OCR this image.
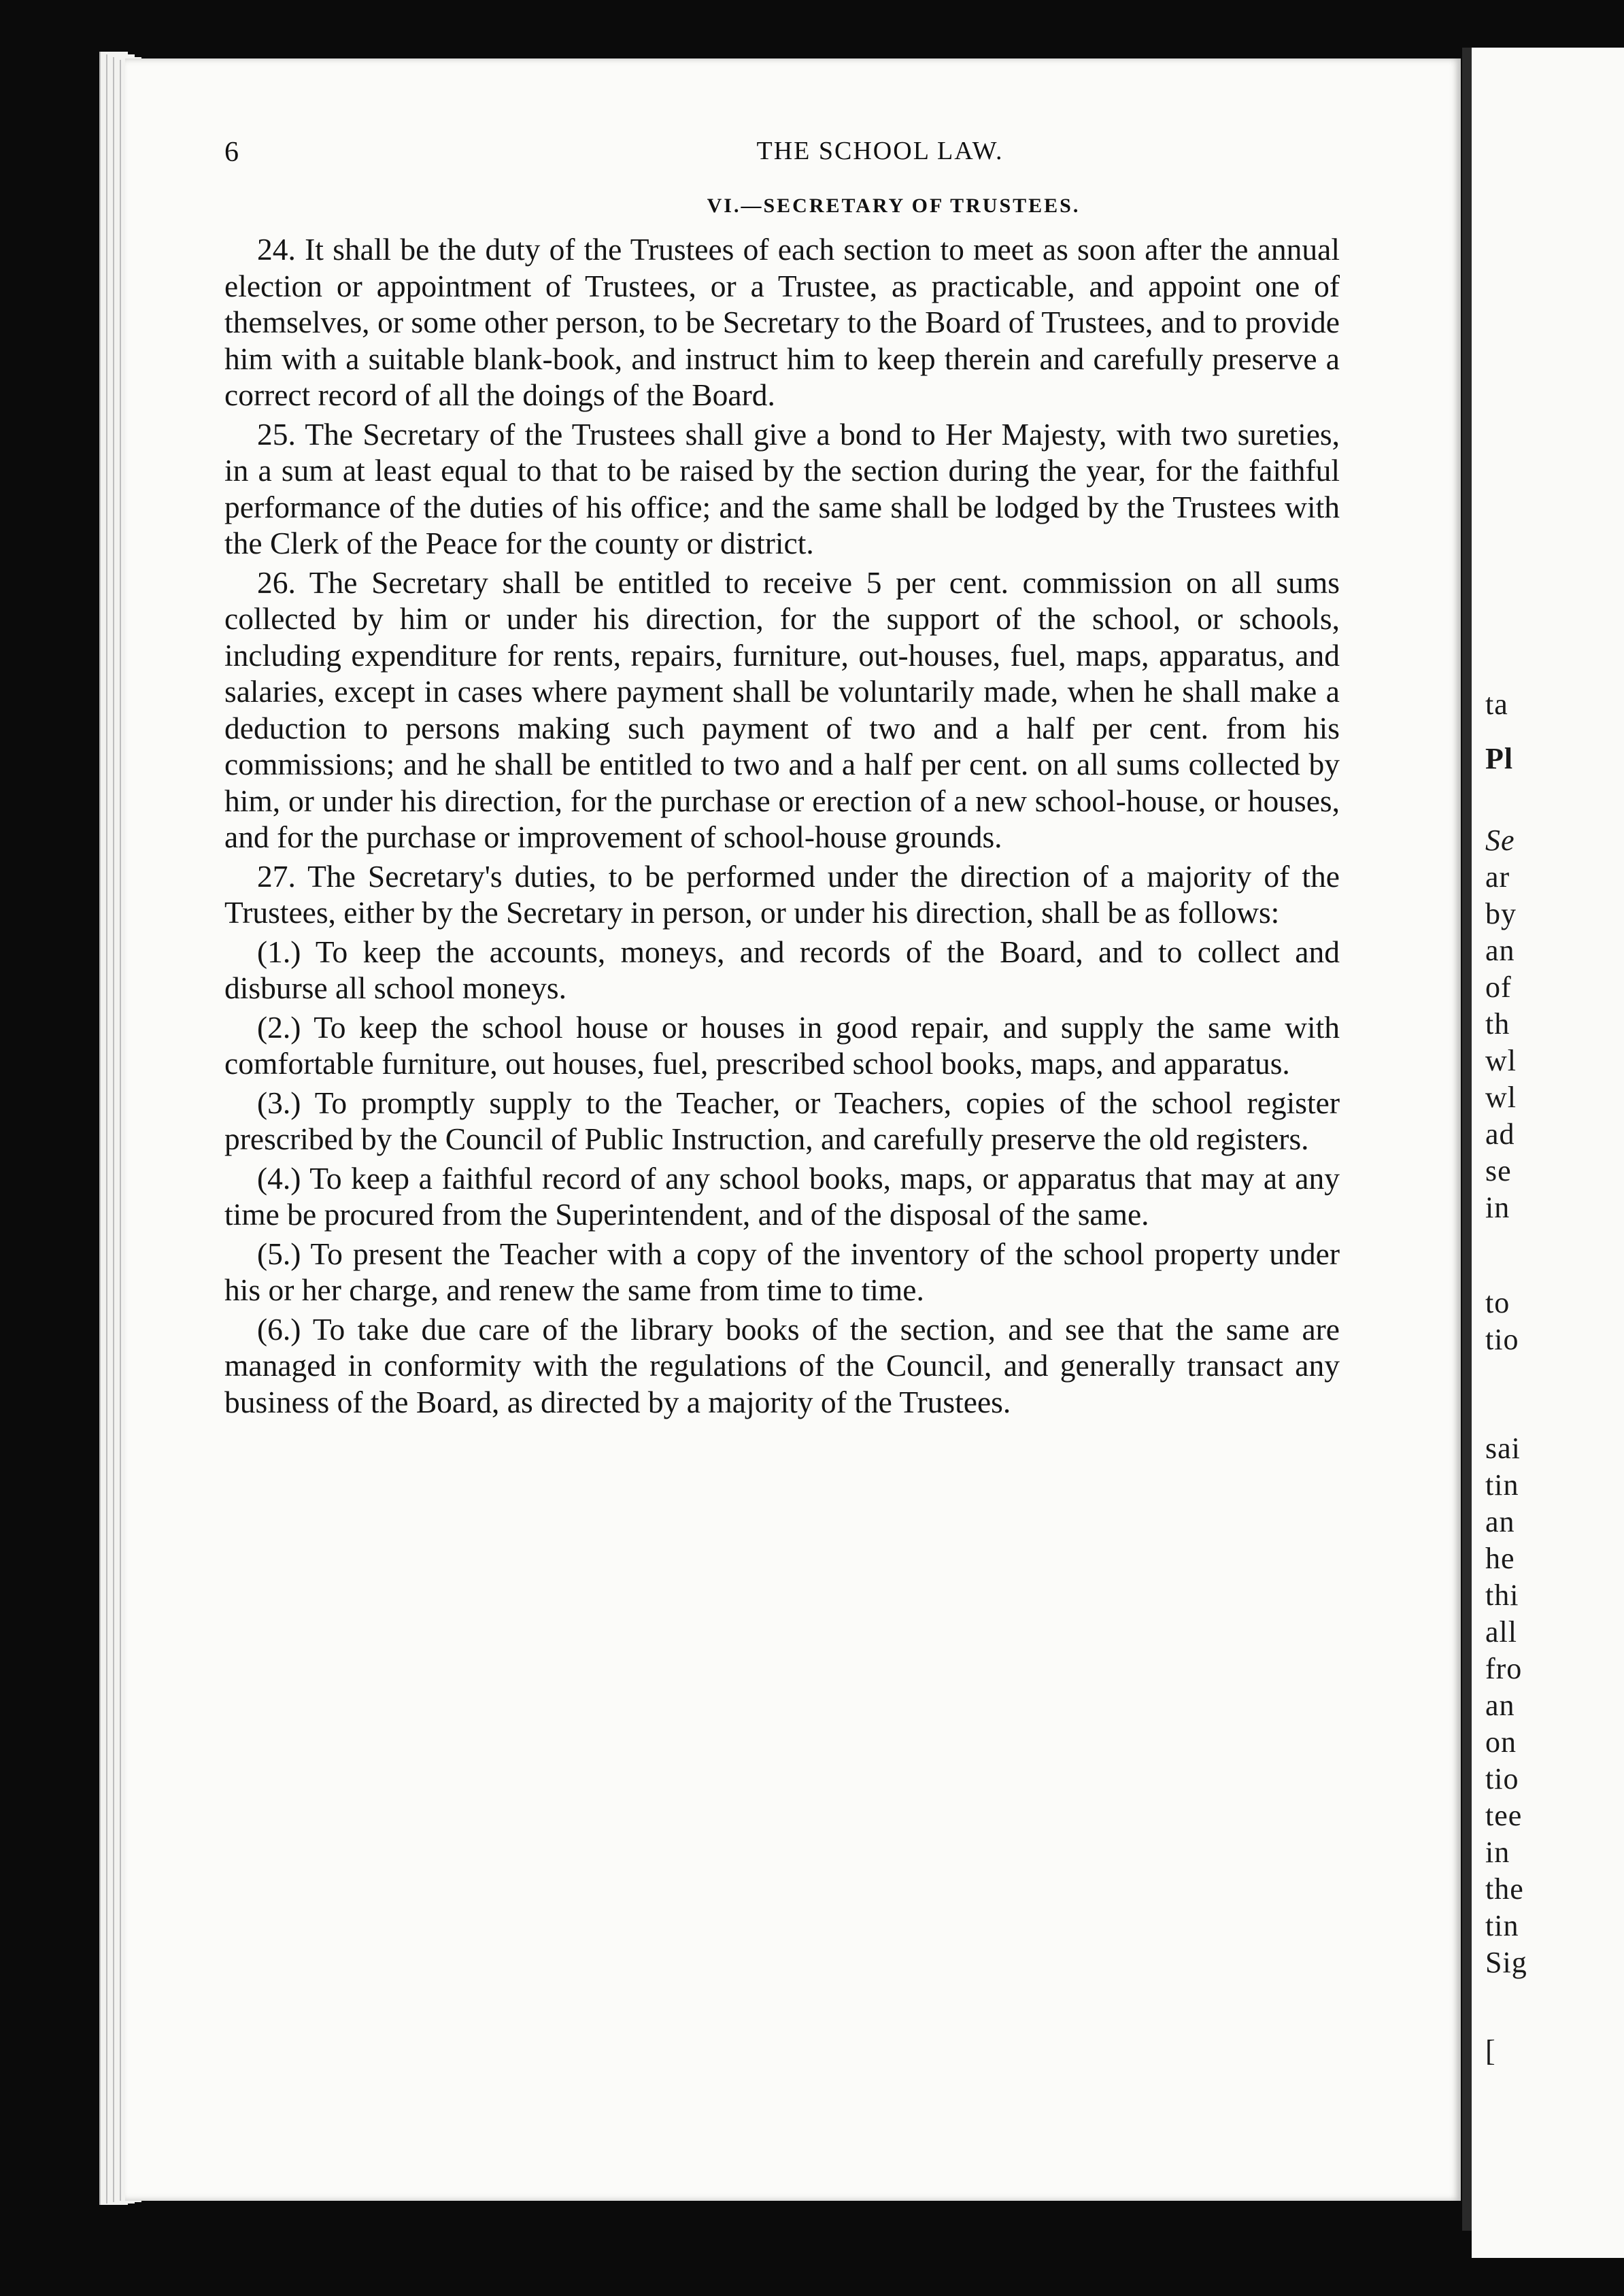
ta
Pl
Se
ar
by
an
of
th
wl
wl
ad
se
in
to
tio
sai
tin
an
he
thi
all
fro
an
on
tio
tee
in
the
tin
Sig
[
6	THE SCHOOL LAW.
VI.—SECRETARY OF TRUSTEES.

24. It shall be the duty of the Trustees of each section to meet as soon after the annual election or appointment of Trustees, or a Trustee, as practicable, and appoint one of themselves, or some other person, to be Secretary to the Board of Trustees, and to provide him with a suitable blank-book, and instruct him to keep therein and carefully preserve a correct record of all the doings of the Board.

25. The Secretary of the Trustees shall give a bond to Her Majesty, with two sureties, in a sum at least equal to that to be raised by the section during the year, for the faithful performance of the duties of his office; and the same shall be lodged by the Trustees with the Clerk of the Peace for the county or district.

26. The Secretary shall be entitled to receive 5 per cent. commission on all sums collected by him or under his direction, for the support of the school, or schools, including expenditure for rents, repairs, furniture, out-houses, fuel, maps, apparatus, and salaries, except in cases where payment shall be voluntarily made, when he shall make a deduction to persons making such payment of two and a half per cent. from his commissions; and he shall be entitled to two and a half per cent. on all sums collected by him, or under his direction, for the purchase or erection of a new school-house, or houses, and for the purchase or improvement of school-house grounds.

27. The Secretary's duties, to be performed under the direction of a majority of the Trustees, either by the Secretary in person, or under his direction, shall be as follows:

(1.) To keep the accounts, moneys, and records of the Board, and to collect and disburse all school moneys.

(2.) To keep the school house or houses in good repair, and supply the same with comfortable furniture, out houses, fuel, prescribed school books, maps, and apparatus.

(3.) To promptly supply to the Teacher, or Teachers, copies of the school register prescribed by the Council of Public Instruction, and carefully preserve the old registers.

(4.) To keep a faithful record of any school books, maps, or apparatus that may at any time be procured from the Superintendent, and of the disposal of the same.

(5.) To present the Teacher with a copy of the inventory of the school property under his or her charge, and renew the same from time to time.

(6.) To take due care of the library books of the section, and see that the same are managed in conformity with the regulations of the Council, and generally transact any business of the Board, as directed by a majority of the Trustees.
